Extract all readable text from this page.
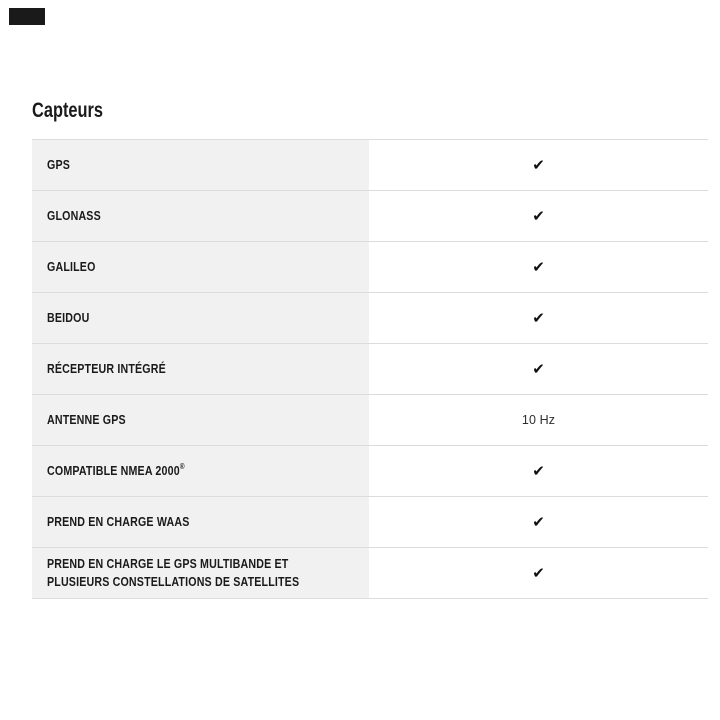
Capteurs
GPS	✔
GLONASS	✔
GALILEO	✔
BEIDOU	✔
RÉCEPTEUR INTÉGRÉ	✔
ANTENNE GPS	10 Hz
COMPATIBLE NMEA 2000®	✔
PREND EN CHARGE WAAS	✔
PREND EN CHARGE LE GPS MULTIBANDE ET PLUSIEURS CONSTELLATIONS DE SATELLITES	✔
